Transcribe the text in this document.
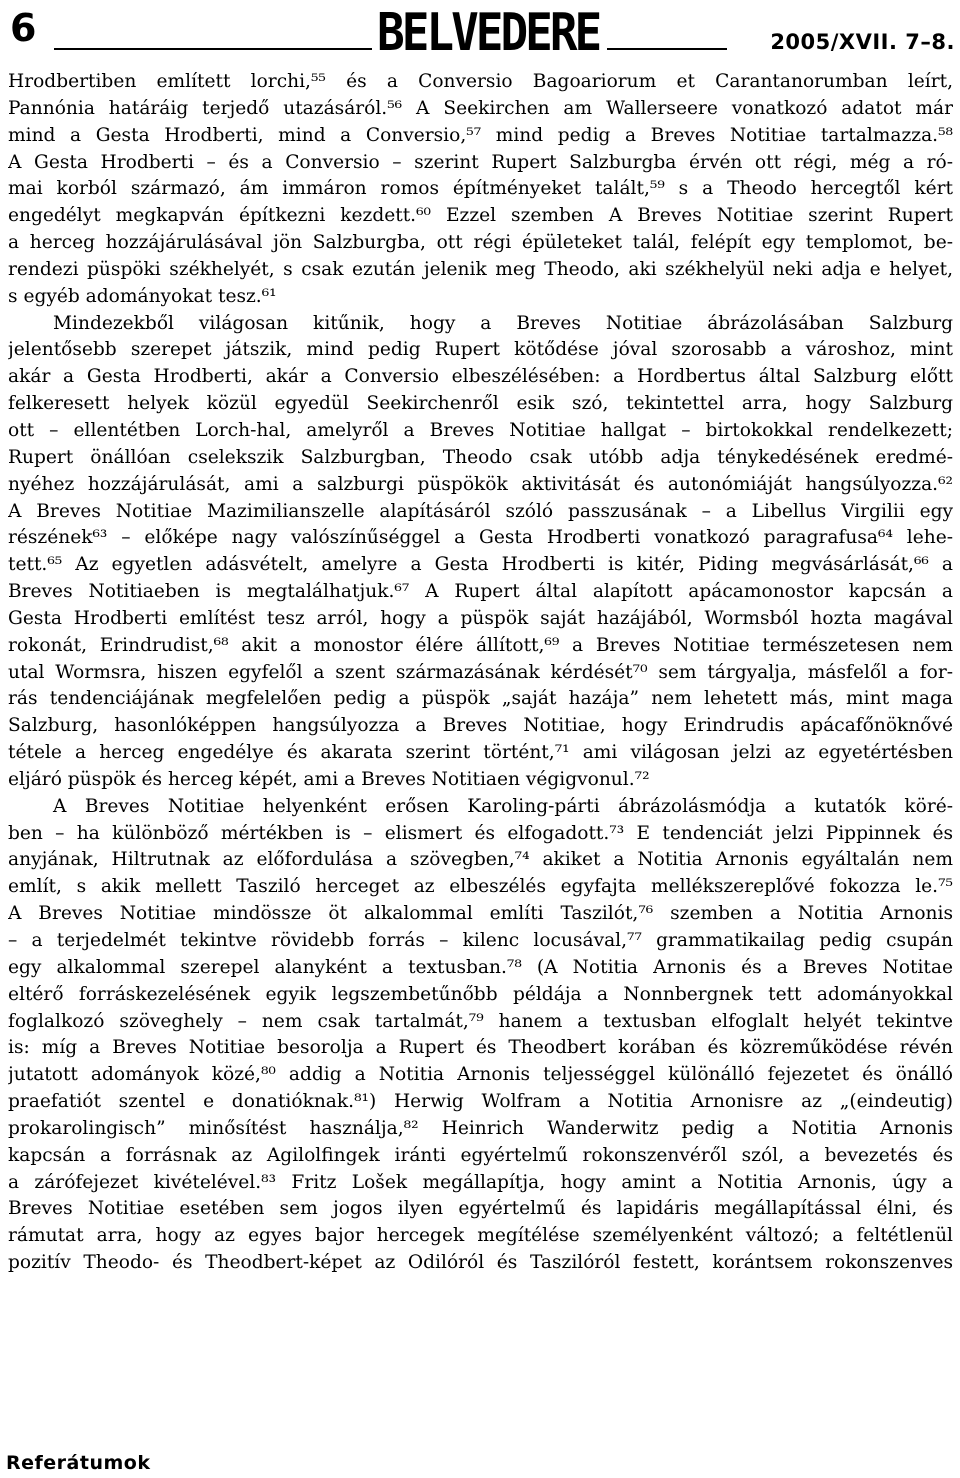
6	BELVEDERE	2005/XVII. 7–8.
Hrodbertiben említett lorchi,⁵⁵ és a Conversio Bagoariorum et Carantanorumban leírt,
Pannónia határáig terjedő utazásáról.⁵⁶ A Seekirchen am Wallerseere vonatkozó adatot már
mind a Gesta Hrodberti, mind a Conversio,⁵⁷ mind pedig a Breves Notitiae tartalmazza.⁵⁸
A Gesta Hrodberti – és a Conversio – szerint Rupert Salzburgba érvén ott régi, még a ró-
mai korból származó, ám immáron romos építményeket talált,⁵⁹ s a Theodo hercegtől kért
engedélyt megkapván építkezni kezdett.⁶⁰ Ezzel szemben A Breves Notitiae szerint Rupert
a herceg hozzájárulásával jön Salzburgba, ott régi épületeket talál, felépít egy templomot, be-
rendezi püspöki székhelyét, s csak ezután jelenik meg Theodo, aki székhelyül neki adja e helyet,
s egyéb adományokat tesz.⁶¹
Mindezekből világosan kitűnik, hogy a Breves Notitiae ábrázolásában Salzburg
jelentősebb szerepet játszik, mind pedig Rupert kötődése jóval szorosabb a városhoz, mint
akár a Gesta Hrodberti, akár a Conversio elbeszélésében: a Hordbertus által Salzburg előtt
felkeresett helyek közül egyedül Seekirchenről esik szó, tekintettel arra, hogy Salzburg
ott – ellentétben Lorch-hal, amelyről a Breves Notitiae hallgat – birtokokkal rendelkezett;
Rupert önállóan cselekszik Salzburgban, Theodo csak utóbb adja ténykedésének eredmé-
nyéhez hozzájárulását, ami a salzburgi püspökök aktivitását és autonómiáját hangsúlyozza.⁶²
A Breves Notitiae Mazimilianszelle alapításáról szóló passzusának – a Libellus Virgilii egy
részének⁶³ – előképe nagy valószínűséggel a Gesta Hrodberti vonatkozó paragrafusa⁶⁴ lehe-
tett.⁶⁵ Az egyetlen adásvételt, amelyre a Gesta Hrodberti is kitér, Piding megvásárlását,⁶⁶ a
Breves Notitiaeben is megtalálhatjuk.⁶⁷ A Rupert által alapított apácamonostor kapcsán a
Gesta Hrodberti említést tesz arról, hogy a püspök saját hazájából, Wormsból hozta magával
rokonát, Erindrudist,⁶⁸ akit a monostor élére állított,⁶⁹ a Breves Notitiae természetesen nem
utal Wormsra, hiszen egyfelől a szent származásának kérdését⁷⁰ sem tárgyalja, másfelől a for-
rás tendenciájának megfelelően pedig a püspök „saját hazája” nem lehetett más, mint maga
Salzburg, hasonlóképpen hangsúlyozza a Breves Notitiae, hogy Erindrudis apácafőnöknővé
tétele a herceg engedélye és akarata szerint történt,⁷¹ ami világosan jelzi az egyetértésben
eljáró püspök és herceg képét, ami a Breves Notitiaen végigvonul.⁷²
A Breves Notitiae helyenként erősen Karoling-párti ábrázolásmódja a kutatók köré-
ben – ha különböző mértékben is – elismert és elfogadott.⁷³ E tendenciát jelzi Pippinnek és
anyjának, Hiltrutnak az előfordulása a szövegben,⁷⁴ akiket a Notitia Arnonis egyáltalán nem
említ, s akik mellett Tasziló herceget az elbeszélés egyfajta mellékszereplővé fokozza le.⁷⁵
A Breves Notitiae mindössze öt alkalommal említi Taszilót,⁷⁶ szemben a Notitia Arnonis
– a terjedelmét tekintve rövidebb forrás – kilenc locusával,⁷⁷ grammatikailag pedig csupán
egy alkalommal szerepel alanyként a textusban.⁷⁸ (A Notitia Arnonis és a Breves Notitae
eltérő forráskezelésének egyik legszembetűnőbb példája a Nonnbergnek tett adományokkal
foglalkozó szöveghely – nem csak tartalmát,⁷⁹ hanem a textusban elfoglalt helyét tekintve
is: míg a Breves Notitiae besorolja a Rupert és Theodbert korában és közreműködése révén
jutatott adományok közé,⁸⁰ addig a Notitia Arnonis teljességgel különálló fejezetet és önálló
praefatiót szentel e donatióknak.⁸¹) Herwig Wolfram a Notitia Arnonisre az „(eindeutig)
prokarolingisch” minősítést használja,⁸² Heinrich Wanderwitz pedig a Notitia Arnonis
kapcsán a forrásnak az Agilolfingek iránti egyértelmű rokonszenvéről szól, a bevezetés és
a zárófejezet kivételével.⁸³ Fritz Lošek megállapítja, hogy amint a Notitia Arnonis, úgy a
Breves Notitiae esetében sem jogos ilyen egyértelmű és lapidáris megállapítással élni, és
rámutat arra, hogy az egyes bajor hercegek megítélése személyenként változó; a feltétlenül
pozitív Theodo- és Theodbert-képet az Odilóról és Taszilóról festett, korántsem rokonszenves
Referátumok
